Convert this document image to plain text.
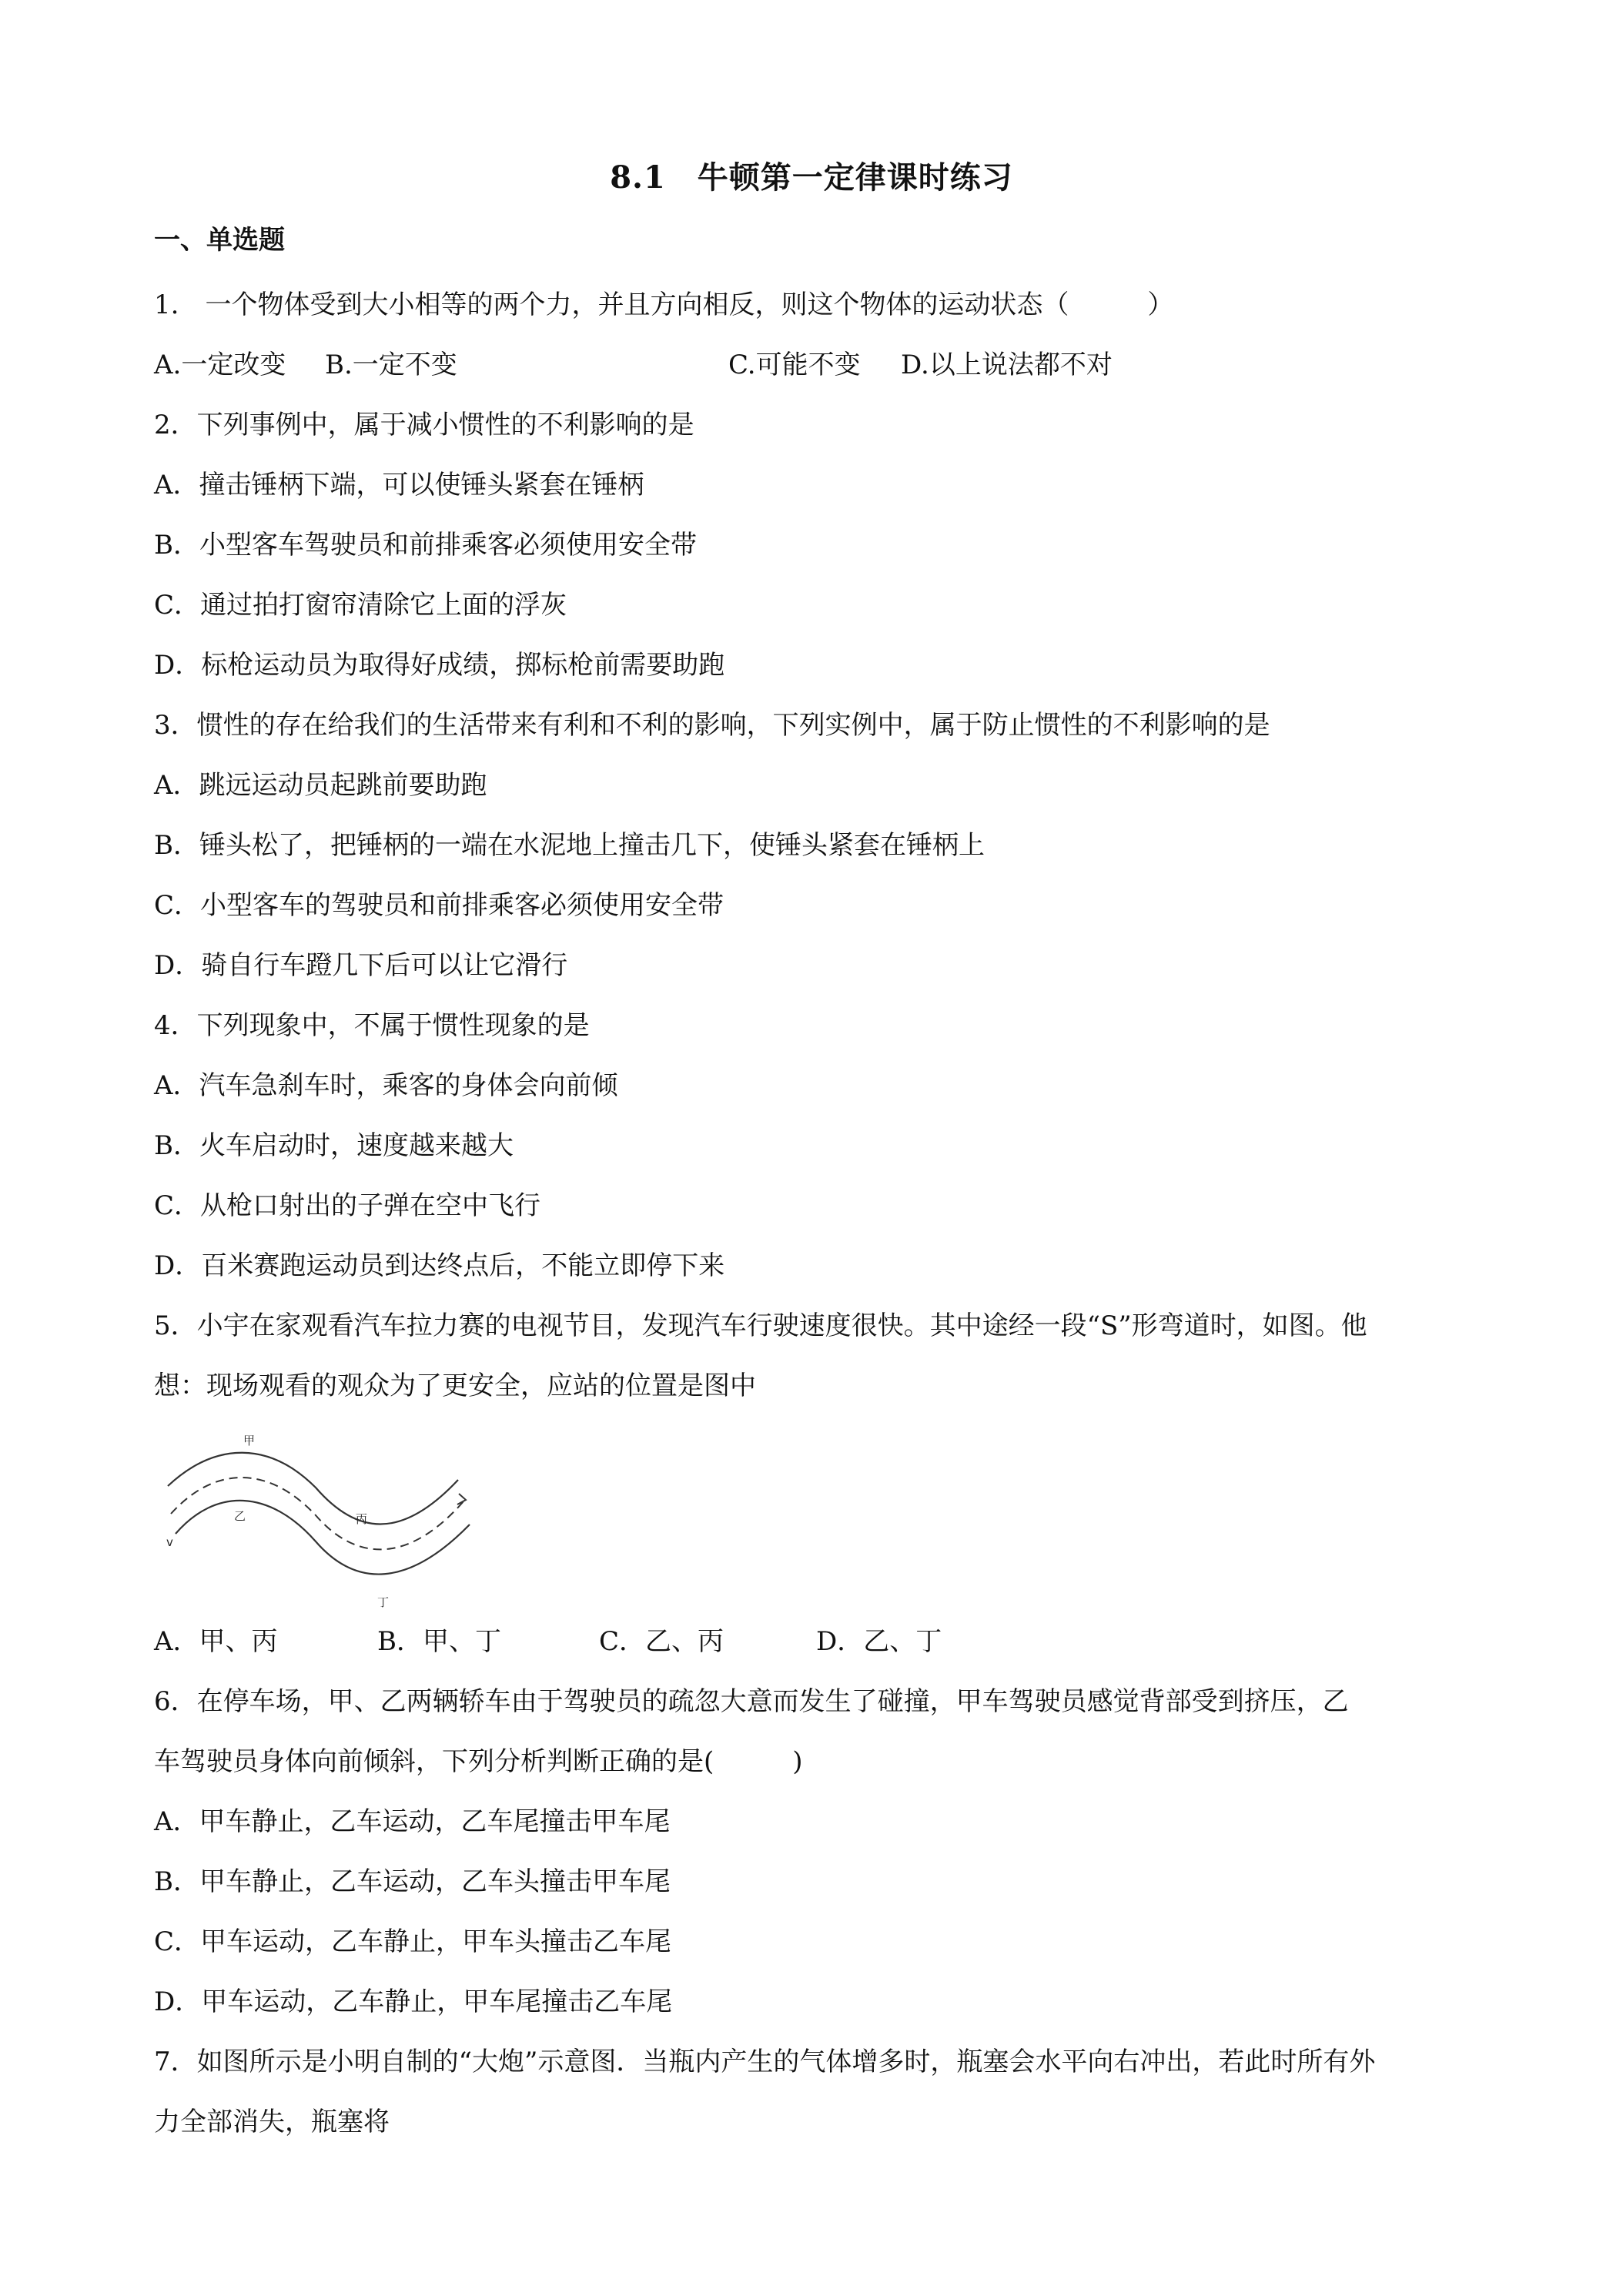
8.1　牛顿第一定律课时练习
一、单选题
1.　一个物体受到大小相等的两个力，并且方向相反，则这个物体的运动状态（　　　）
A.一定改变 B.一定不变	C.可能不变 D.以上说法都不对
2．下列事例中，属于减小惯性的不利影响的是
A．撞击锤柄下端，可以使锤头紧套在锤柄
B．小型客车驾驶员和前排乘客必须使用安全带
C．通过拍打窗帘清除它上面的浮灰
D．标枪运动员为取得好成绩，掷标枪前需要助跑
3．惯性的存在给我们的生活带来有利和不利的影响，下列实例中，属于防止惯性的不利影响的是
A．跳远运动员起跳前要助跑
B．锤头松了，把锤柄的一端在水泥地上撞击几下，使锤头紧套在锤柄上
C．小型客车的驾驶员和前排乘客必须使用安全带
D．骑自行车蹬几下后可以让它滑行
4．下列现象中，不属于惯性现象的是
A．汽车急刹车时，乘客的身体会向前倾
B．火车启动时，速度越来越大
C．从枪口射出的子弹在空中飞行
D．百米赛跑运动员到达终点后，不能立即停下来
5．小宇在家观看汽车拉力赛的电视节目，发现汽车行驶速度很快。其中途经一段“S”形弯道时，如图。他
想：现场观看的观众为了更安全，应站的位置是图中
v
甲
乙	丙
丁
A．甲、丙	B．甲、丁	C．乙、丙	D．乙、丁
6．在停车场，甲、乙两辆轿车由于驾驶员的疏忽大意而发生了碰撞，甲车驾驶员感觉背部受到挤压，乙
车驾驶员身体向前倾斜，下列分析判断正确的是(　　　)
A．甲车静止，乙车运动，乙车尾撞击甲车尾
B．甲车静止，乙车运动，乙车头撞击甲车尾
C．甲车运动，乙车静止，甲车头撞击乙车尾
D．甲车运动，乙车静止，甲车尾撞击乙车尾
7．如图所示是小明自制的“大炮”示意图．当瓶内产生的气体增多时，瓶塞会水平向右冲出，若此时所有外
力全部消失，瓶塞将
